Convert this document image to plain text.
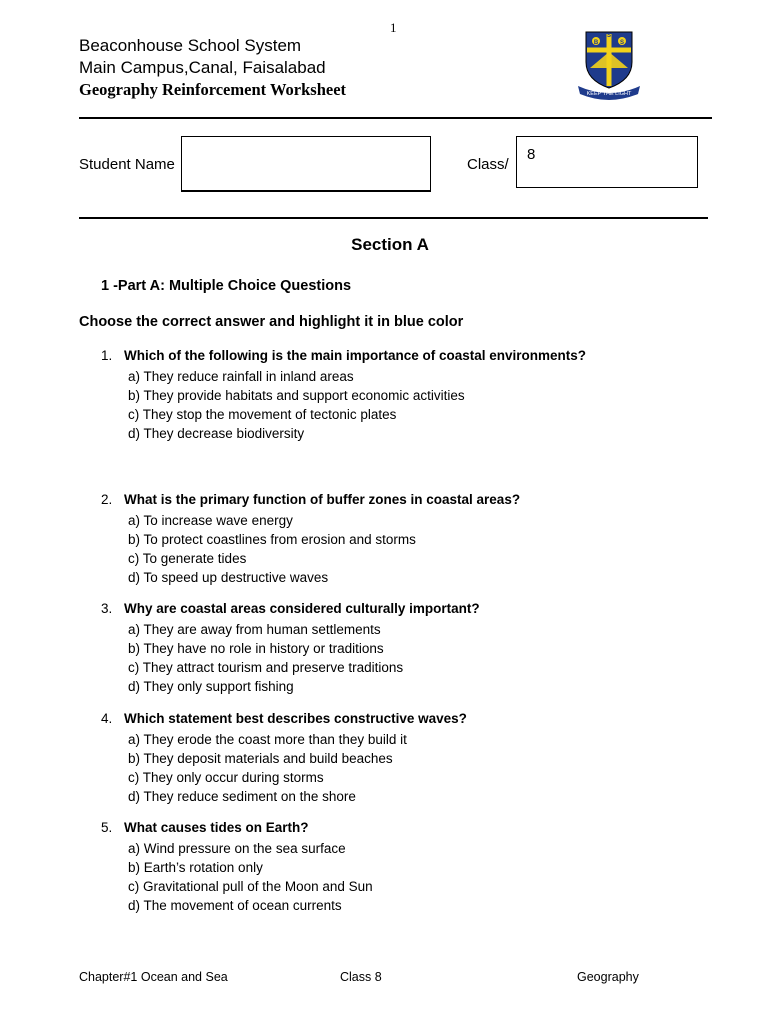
1
Beaconhouse School System
Main Campus,Canal, Faisalabad
Geography Reinforcement Worksheet
B
S
S
KEEP THE LIGHT
Student Name	Class/
8
Section A
1 -Part A: Multiple Choice Questions
Choose the correct answer and highlight it in blue color
1. Which of the following is the main importance of coastal environments?
a) They reduce rainfall in inland areas
b) They provide habitats and support economic activities
c) They stop the movement of tectonic plates
d) They decrease biodiversity
2. What is the primary function of buffer zones in coastal areas?
a) To increase wave energy
b) To protect coastlines from erosion and storms
c) To generate tides
d) To speed up destructive waves
3. Why are coastal areas considered culturally important?
a) They are away from human settlements
b) They have no role in history or traditions
c) They attract tourism and preserve traditions
d) They only support fishing
4. Which statement best describes constructive waves?
a) They erode the coast more than they build it
b) They deposit materials and build beaches
c) They only occur during storms
d) They reduce sediment on the shore
5. What causes tides on Earth?
a) Wind pressure on the sea surface
b) Earth’s rotation only
c) Gravitational pull of the Moon and Sun
d) The movement of ocean currents
Chapter#1 Ocean and Sea	Class 8	Geography
